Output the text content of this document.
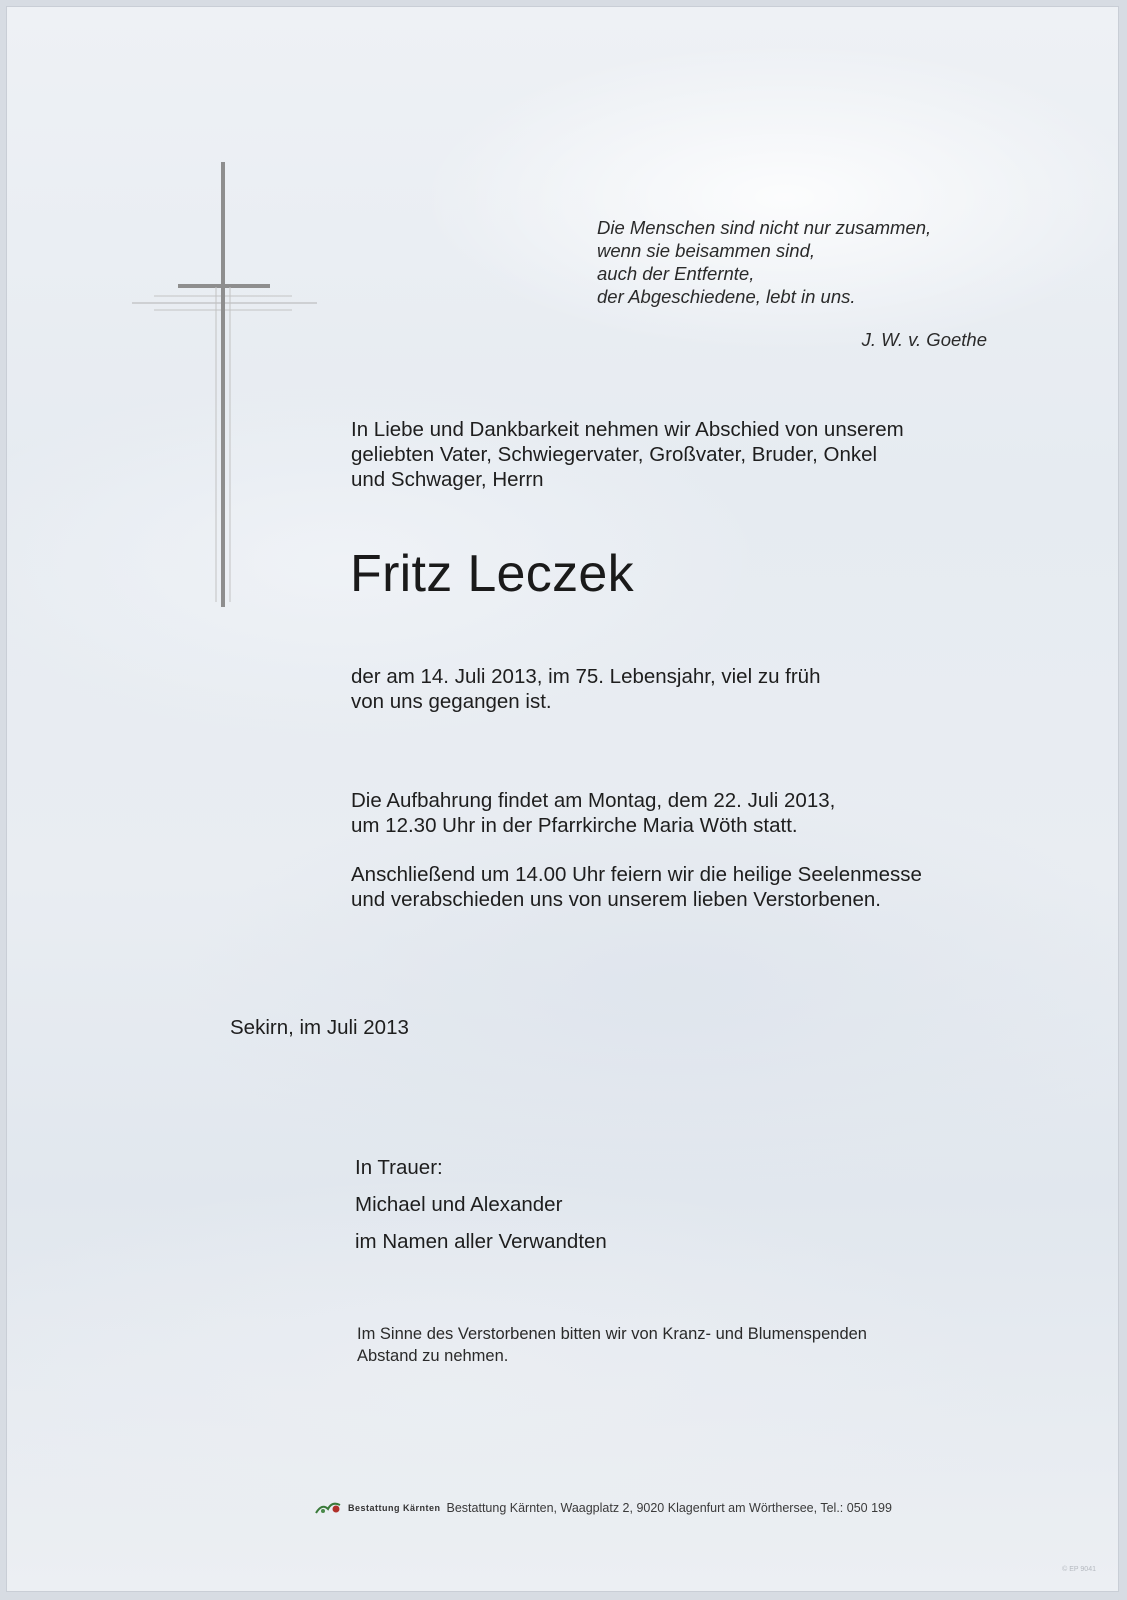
Die Menschen sind nicht nur zusammen,
wenn sie beisammen sind,
auch der Entfernte,
der Abgeschiedene, lebt in uns.
J. W. v. Goethe
In Liebe und Dankbarkeit nehmen wir Abschied von unserem
geliebten Vater, Schwiegervater, Großvater, Bruder, Onkel
und Schwager, Herrn
Fritz Leczek
der am 14. Juli 2013, im 75. Lebensjahr, viel zu früh
von uns gegangen ist.
Die Aufbahrung findet am Montag, dem 22. Juli 2013,
um 12.30 Uhr in der Pfarrkirche Maria Wöth statt.
Anschließend um 14.00 Uhr feiern wir die heilige Seelenmesse
und verabschieden uns von unserem lieben Verstorbenen.
Sekirn, im Juli 2013
In Trauer:
Michael und Alexander
im Namen aller Verwandten
Im Sinne des Verstorbenen bitten wir von Kranz- und Blumenspenden
Abstand zu nehmen.
Bestattung Kärnten Bestattung Kärnten, Waagplatz 2, 9020 Klagenfurt am Wörthersee, Tel.: 050 199
© EP 9041
